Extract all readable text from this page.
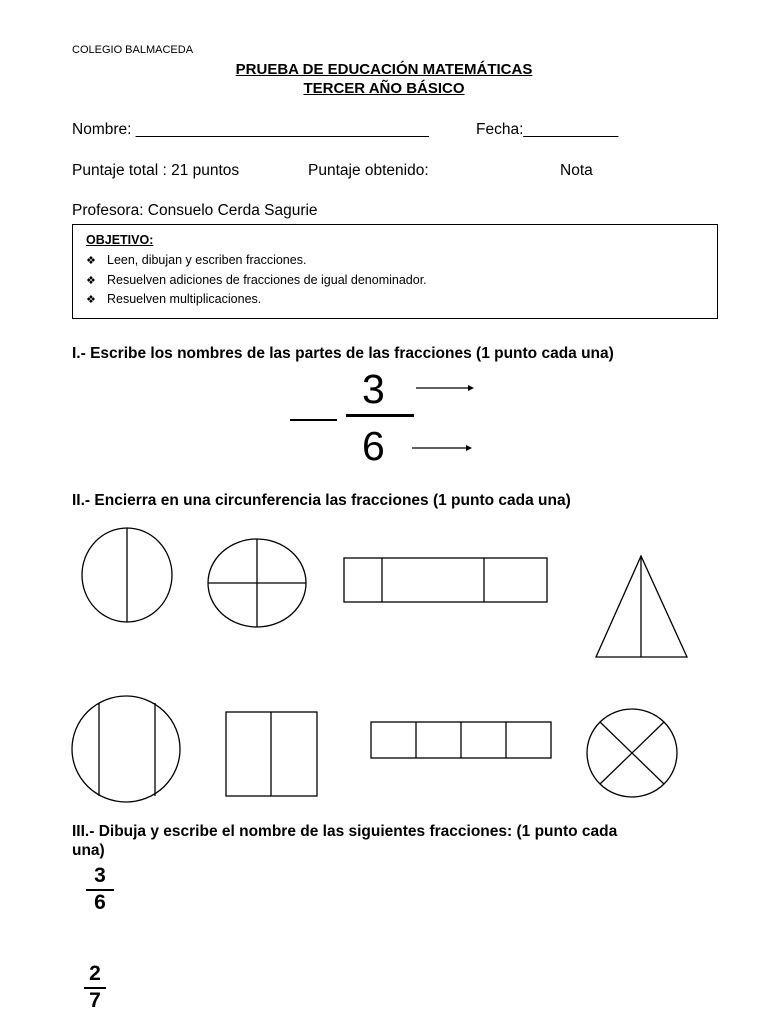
COLEGIO BALMACEDA
PRUEBA DE EDUCACIÓN MATEMÁTICAS
TERCER AÑO BÁSICO
Nombre: __________________________________	Fecha:___________
Puntaje total : 21 puntos	Puntaje obtenido:	Nota
Profesora: Consuelo Cerda Sagurie
OBJETIVO:
❖ Leen, dibujan y escriben fracciones.
❖ Resuelven adiciones de fracciones de igual denominador.
❖ Resuelven multiplicaciones.
I.- Escribe los nombres de las partes de las fracciones (1 punto cada una)
3
6
II.- Encierra en una circunferencia las fracciones (1 punto cada una)
III.- Dibuja y escribe el nombre de las siguientes fracciones: (1 punto cada
una)
3
6
2
7
